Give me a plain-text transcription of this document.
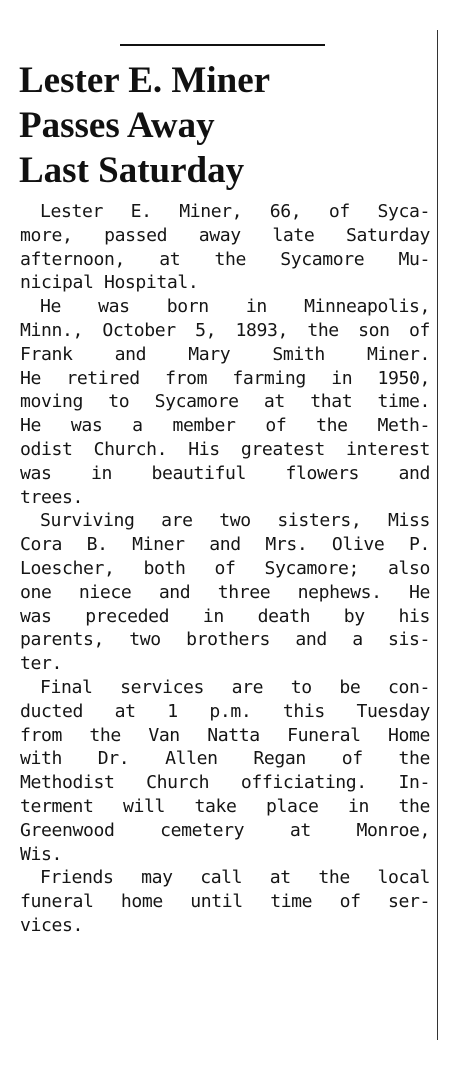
Lester E. Miner
Passes Away
Last Saturday
Lester E. Miner, 66, of Syca-
more, passed away late Saturday
afternoon, at the Sycamore Mu-
nicipal Hospital.
He was born in Minneapolis,
Minn., October 5, 1893, the son of
Frank and Mary Smith Miner.
He retired from farming in 1950,
moving to Sycamore at that time.
He was a member of the Meth-
odist Church. His greatest interest
was in beautiful flowers and
trees.
Surviving are two sisters, Miss
Cora B. Miner and Mrs. Olive P.
Loescher, both of Sycamore; also
one niece and three nephews. He
was preceded in death by his
parents, two brothers and a sis-
ter.
Final services are to be con-
ducted at 1 p.m. this Tuesday
from the Van Natta Funeral Home
with Dr. Allen Regan of the
Methodist Church officiating. In-
terment will take place in the
Greenwood cemetery at Monroe,
Wis.
Friends may call at the local
funeral home until time of ser-
vices.
